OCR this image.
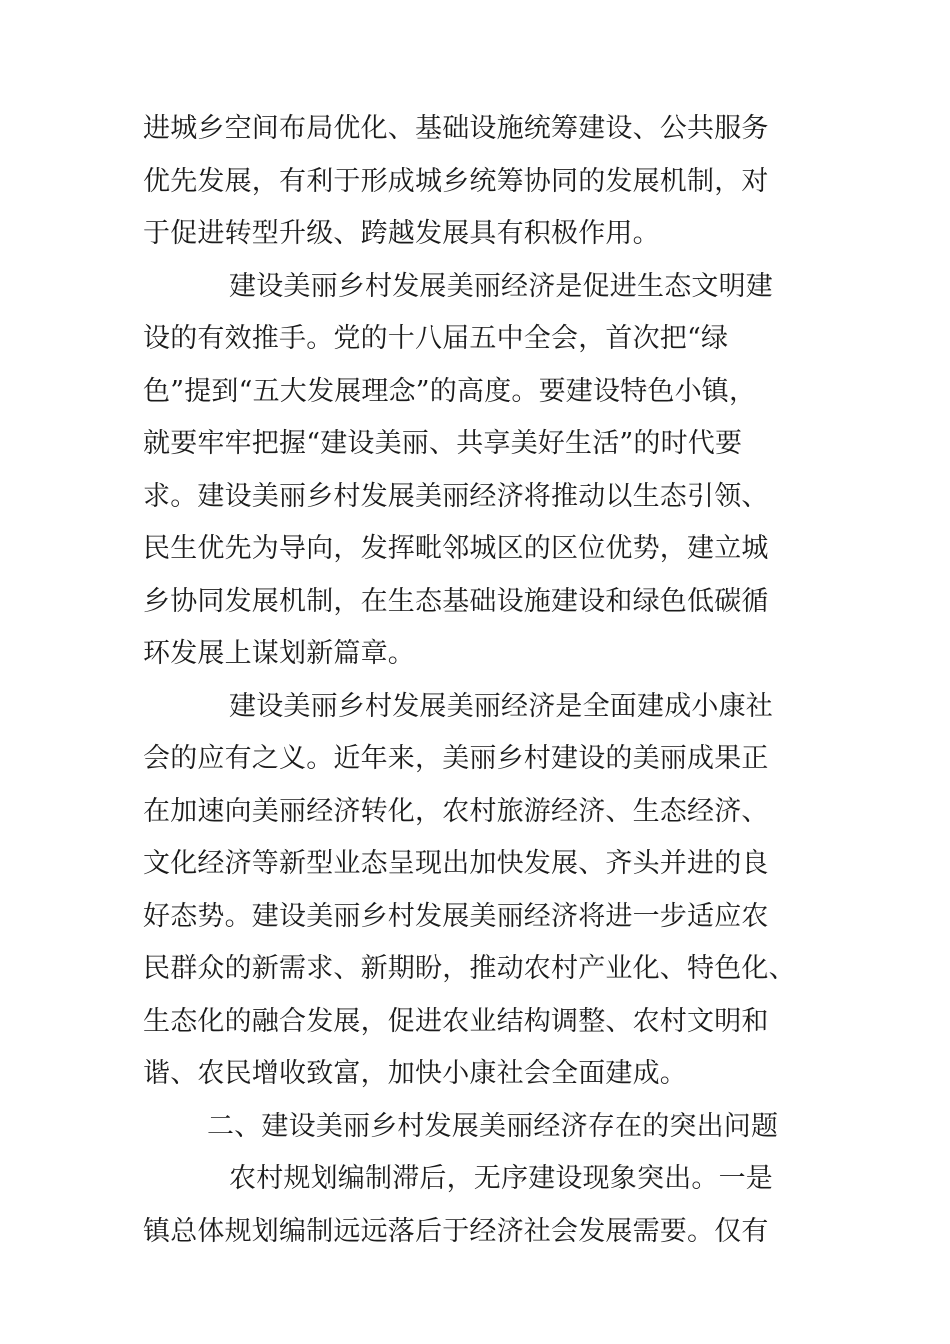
进城乡空间布局优化、基础设施统筹建设、公共服务
优先发展，有利于形成城乡统筹协同的发展机制，对
于促进转型升级、跨越发展具有积极作用。
建设美丽乡村发展美丽经济是促进生态文明建
设的有效推手。党的十八届五中全会，首次把“绿
色”提到“五大发展理念”的高度。要建设特色小镇，
就要牢牢把握“建设美丽、共享美好生活”的时代要
求。建设美丽乡村发展美丽经济将推动以生态引领、
民生优先为导向，发挥毗邻城区的区位优势，建立城
乡协同发展机制，在生态基础设施建设和绿色低碳循
环发展上谋划新篇章。
建设美丽乡村发展美丽经济是全面建成小康社
会的应有之义。近年来，美丽乡村建设的美丽成果正
在加速向美丽经济转化，农村旅游经济、生态经济、
文化经济等新型业态呈现出加快发展、齐头并进的良
好态势。建设美丽乡村发展美丽经济将进一步适应农
民群众的新需求、新期盼，推动农村产业化、特色化、
生态化的融合发展，促进农业结构调整、农村文明和
谐、农民增收致富，加快小康社会全面建成。
二、建设美丽乡村发展美丽经济存在的突出问题
农村规划编制滞后，无序建设现象突出。一是
镇总体规划编制远远落后于经济社会发展需要。仅有
